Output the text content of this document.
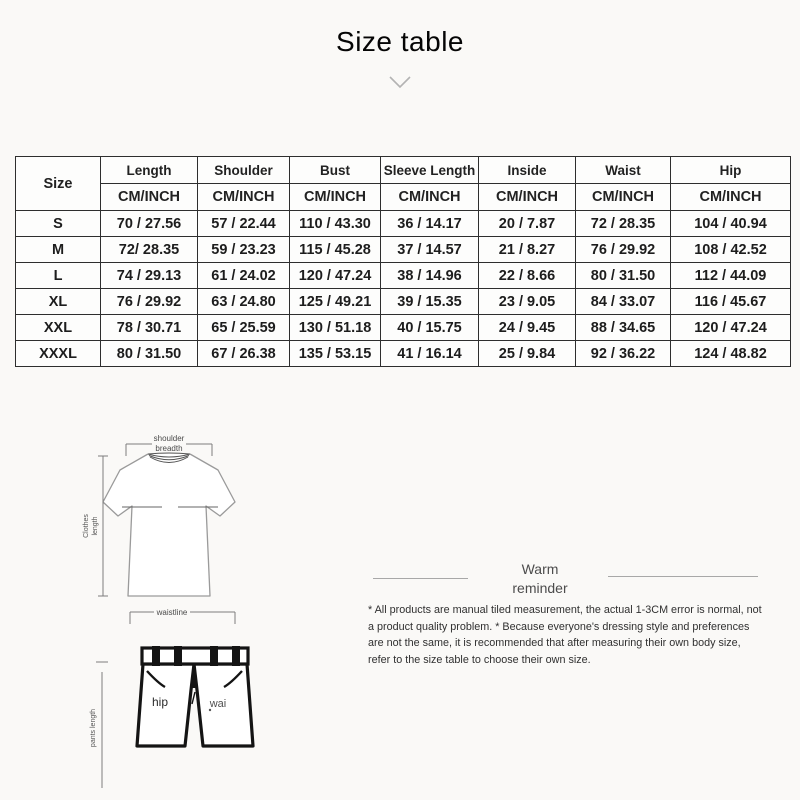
Size table
Size	Length	Shoulder	Bust	Sleeve Length	Inside	Waist	Hip
	CM/INCH	CM/INCH	CM/INCH	CM/INCH	CM/INCH	CM/INCH	CM/INCH
S	70 / 27.56	57 / 22.44	110 / 43.30	36 / 14.17	20 / 7.87	72 / 28.35	104 / 40.94
M	72/ 28.35	59 / 23.23	115 / 45.28	37 / 14.57	21 / 8.27	76 / 29.92	108 / 42.52
L	74 / 29.13	61 / 24.02	120 / 47.24	38 / 14.96	22 / 8.66	80 / 31.50	112 / 44.09
XL	76 / 29.92	63 / 24.80	125 / 49.21	39 / 15.35	23 / 9.05	84 / 33.07	116 / 45.67
XXL	78 / 30.71	65 / 25.59	130 / 51.18	40 / 15.75	24 / 9.45	88 / 34.65	120 / 47.24
XXXL	80 / 31.50	67 / 26.38	135 / 53.15	41 / 16.14	25 / 9.84	92 / 36.22	124 / 48.82
shoulder
breadth
Clothes length
waistline
pants length
hip	wai
Warm
reminder
* All products are manual tiled measurement, the actual 1-3CM error is normal, not a product quality problem. * Because everyone's dressing style and preferences are not the same, it is recommended that after measuring their own body size, refer to the size table to choose their own size.
